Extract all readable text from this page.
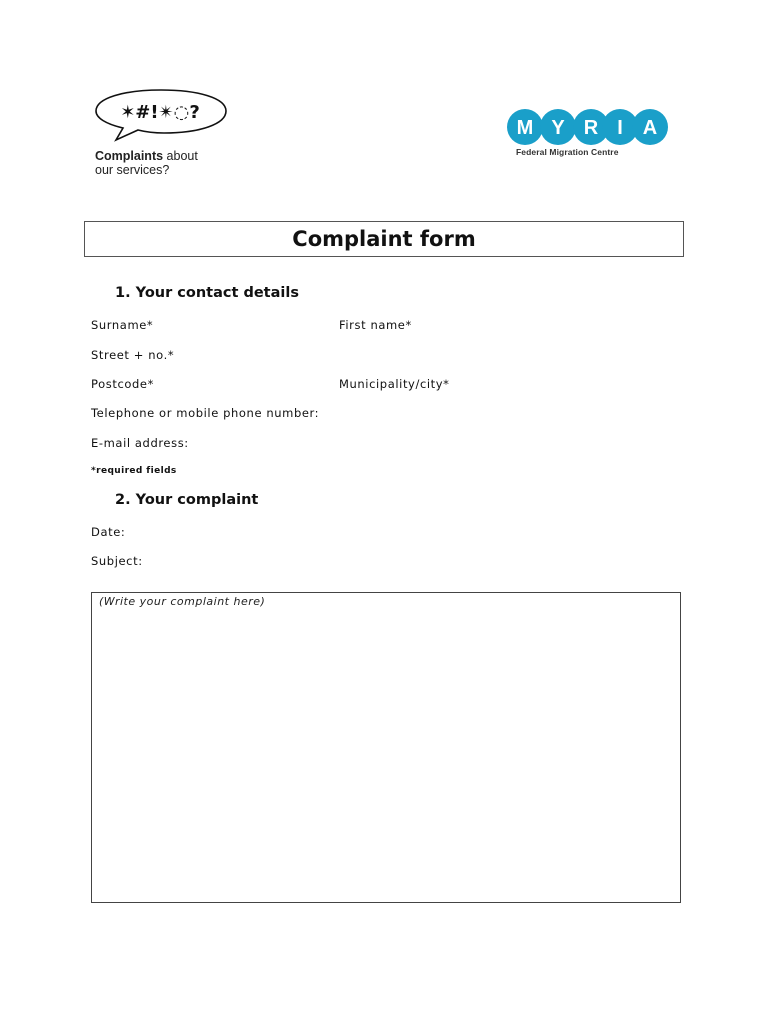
✶#!✴◌?
Complaints about
our services?
M Y R I A
Federal Migration Centre
Complaint form
1. Your contact details
Surname*	First name*
Street + no.*
Postcode*	Municipality/city*
Telephone or mobile phone number:
E-mail address:
*required fields
2. Your complaint
Date:
Subject:
(Write your complaint here)
